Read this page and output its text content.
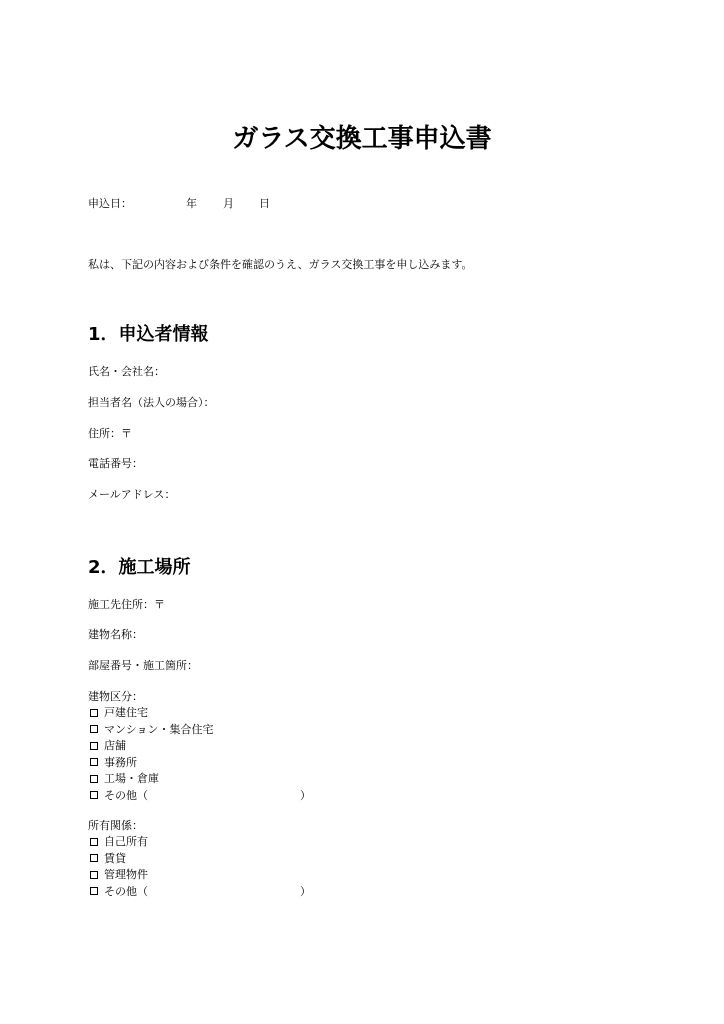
ガラス交換工事申込書

申込日：

	年

月

日

私は、下記の内容および条件を確認のうえ、ガラス交換工事を申し込みます。
1．申込者情報
氏名・会社名：
担当者名（法人の場合）：
住所：〒
電話番号：
メールアドレス：
2．施工場所
施工先住所：〒
建物名称：
部屋番号・施工箇所：
建物区分：
戸建住宅
マンション・集合住宅
店舗
事務所
工場・倉庫
その他（	）
所有関係：
自己所有
賃貸
管理物件
その他（	）
